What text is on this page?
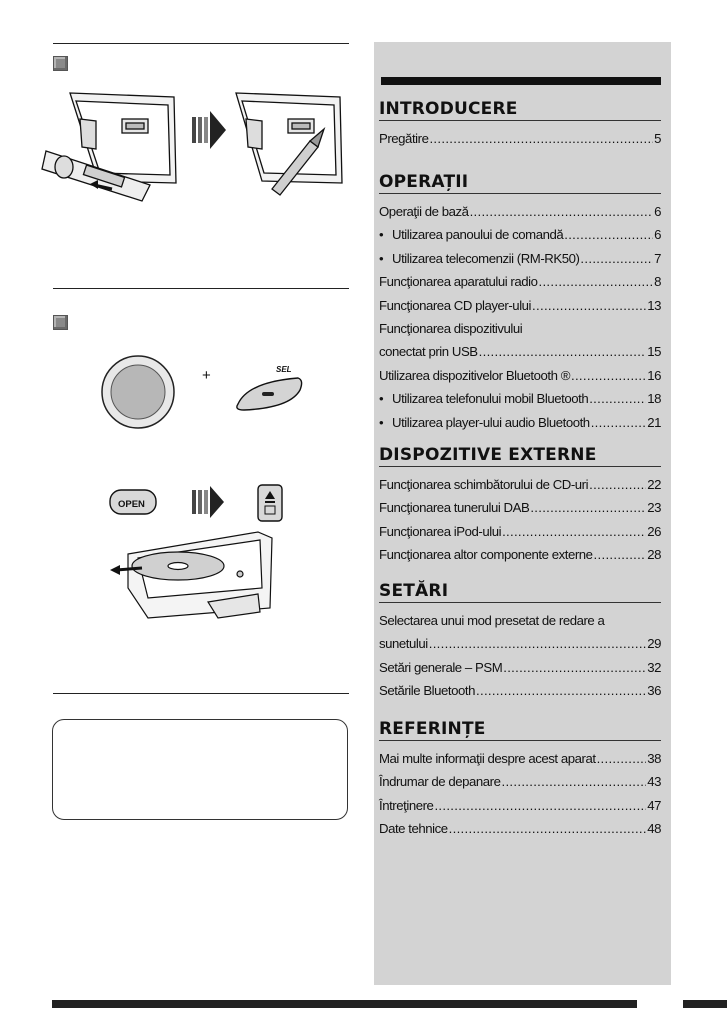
+	SEL
OPEN
INTRODUCERE
Pregătire .....	5
OPERAȚII
Operaţii de bază .....	6
• Utilizarea panoului de comandă .....	6
• Utilizarea telecomenzii (RM-RK50) .....	7
Funcţionarea aparatului radio .....	8
Funcţionarea CD player-ului .....	13
Funcţionarea dispozitivului
conectat prin USB .....	15
Utilizarea dispozitivelor Bluetooth ® .....	16
• Utilizarea telefonului mobil Bluetooth .....	18
• Utilizarea player-ului audio Bluetooth .....	21
DISPOZITIVE EXTERNE
Funcţionarea schimbătorului de CD-uri .....	22
Funcţionarea tunerului DAB .....	23
Funcţionarea iPod-ului .....	26
Funcţionarea altor componente externe .....	28
SETĂRI
Selectarea unui mod presetat de redare a
sunetului .....	29
Setări generale – PSM .....	32
Setările Bluetooth .....	36
REFERINȚE
Mai multe informaţii despre acest aparat .....	38
Îndrumar de depanare .....	43
Întreţinere .....	47
Date tehnice .....	48
